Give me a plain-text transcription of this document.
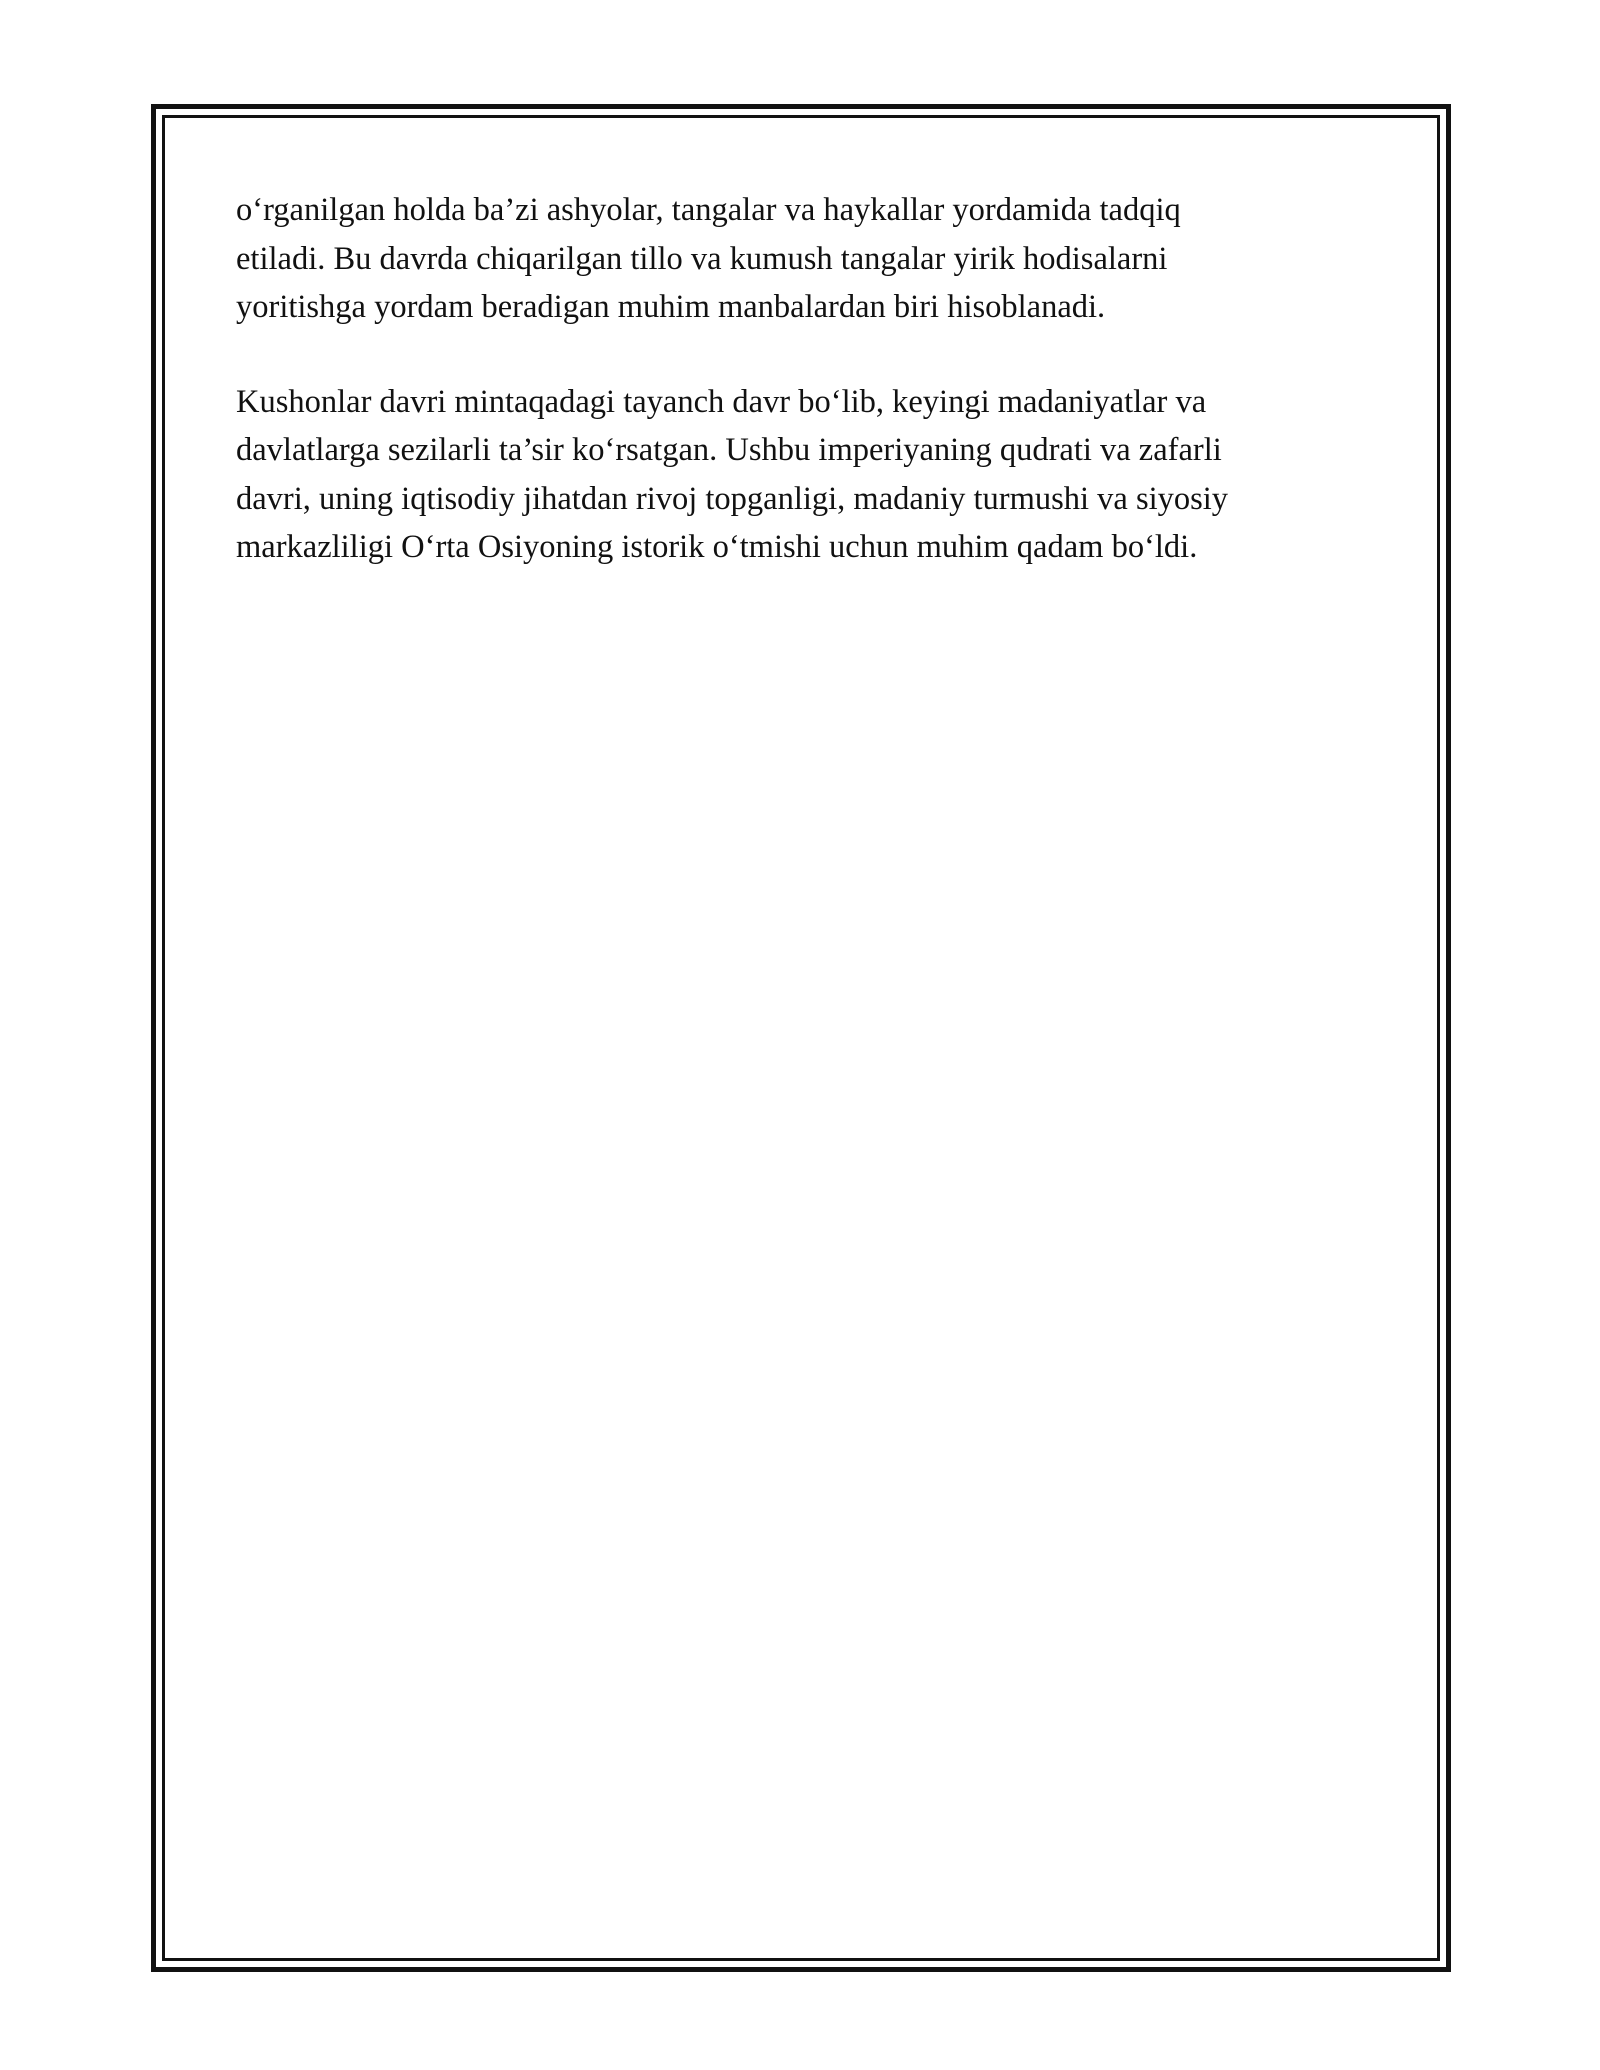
o‘rganilgan holda ba’zi ashyolar, tangalar va haykallar yordamida tadqiq
etiladi. Bu davrda chiqarilgan tillo va kumush tangalar yirik hodisalarni
yoritishga yordam beradigan muhim manbalardan biri hisoblanadi.

Kushonlar davri mintaqadagi tayanch davr bo‘lib, keyingi madaniyatlar va
davlatlarga sezilarli ta’sir ko‘rsatgan. Ushbu imperiyaning qudrati va zafarli
davri, uning iqtisodiy jihatdan rivoj topganligi, madaniy turmushi va siyosiy
markazliligi O‘rta Osiyoning istorik o‘tmishi uchun muhim qadam bo‘ldi.
